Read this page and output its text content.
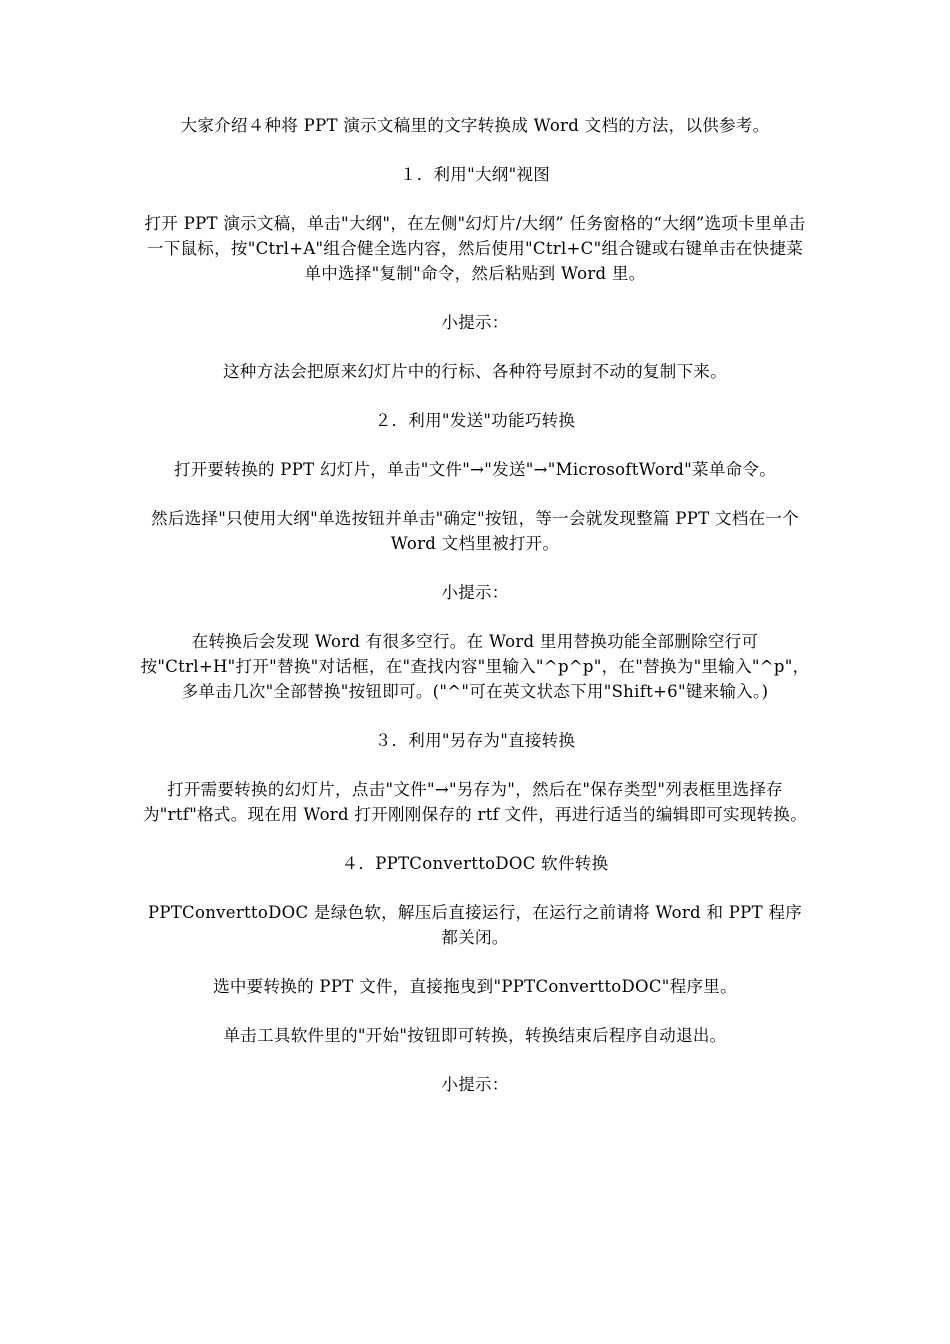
大家介绍４种将 PPT 演示文稿里的文字转换成 Word 文档的方法，以供参考。

１．利用"大纲"视图

打开 PPT 演示文稿，单击"大纲"，在左侧"幻灯片/大纲” 任务窗格的“大纲”选项卡里单击一下鼠标，按"Ctrl+A"组合健全选内容，然后使用"Ctrl+C"组合键或右键单击在快捷菜单中选择"复制"命令，然后粘贴到 Word 里。

小提示：

这种方法会把原来幻灯片中的行标、各种符号原封不动的复制下来。

２．利用"发送"功能巧转换

打开要转换的 PPT 幻灯片，单击"文件"→"发送"→"MicrosoftWord"菜单命令。

然后选择"只使用大纲"单选按钮并单击"确定"按钮，等一会就发现整篇 PPT 文档在一个 Word 文档里被打开。

小提示：

在转换后会发现 Word 有很多空行。在 Word 里用替换功能全部删除空行可按"Ctrl+H"打开"替换"对话框，在"查找内容"里输入"^p^p"，在"替换为"里输入"^p"，多单击几次"全部替换"按钮即可。("^"可在英文状态下用"Shift+6"键来输入。)

３．利用"另存为"直接转换

打开需要转换的幻灯片，点击"文件"→"另存为"，然后在"保存类型"列表框里选择存为"rtf"格式。现在用 Word 打开刚刚保存的 rtf 文件，再进行适当的编辑即可实现转换。

４．PPTConverttoDOC 软件转换

PPTConverttoDOC 是绿色软，解压后直接运行，在运行之前请将 Word 和 PPT 程序都关闭。

选中要转换的 PPT 文件，直接拖曳到"PPTConverttoDOC"程序里。

单击工具软件里的"开始"按钮即可转换，转换结束后程序自动退出。

小提示：
